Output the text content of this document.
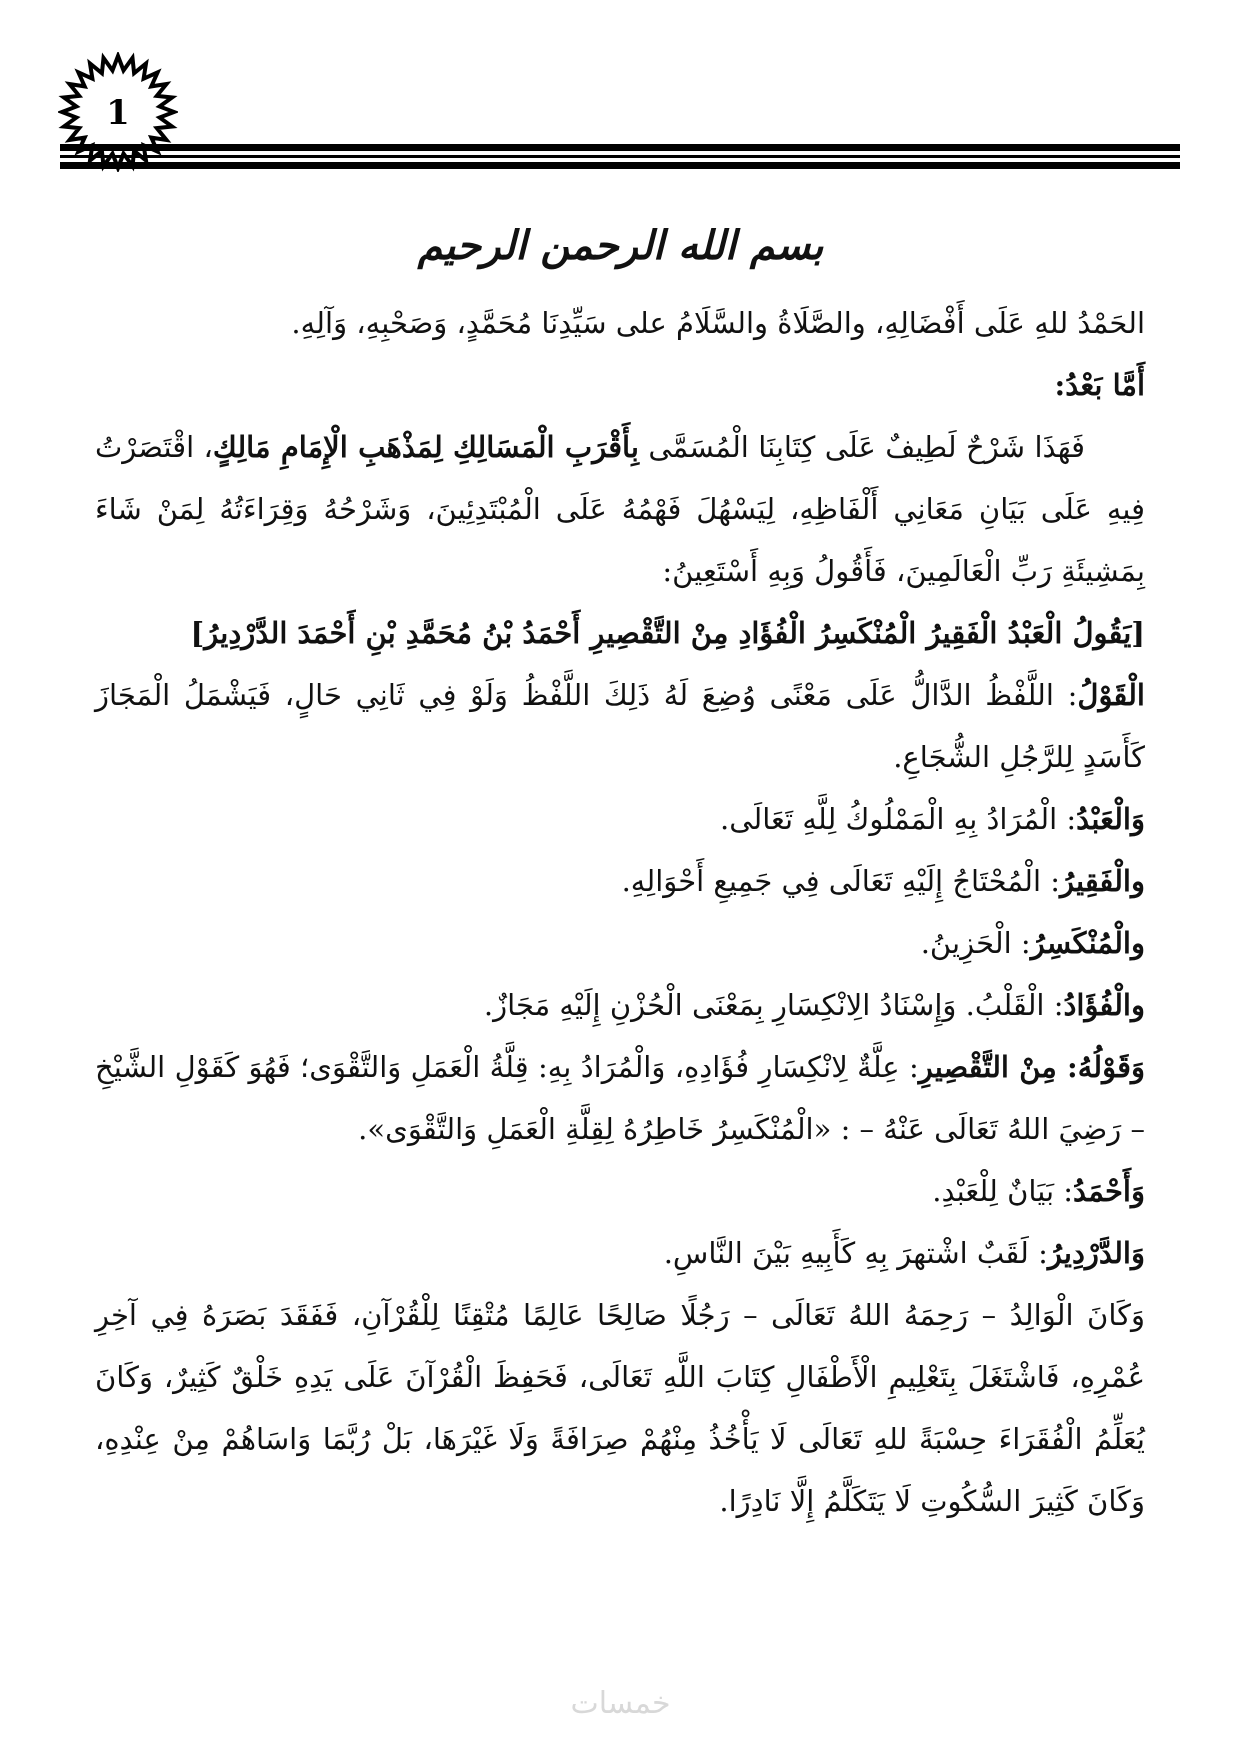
1
بسم الله الرحمن الرحيم

الحَمْدُ للهِ عَلَى أَفْضَالِهِ، والصَّلَاةُ والسَّلَامُ على سَيِّدِنَا مُحَمَّدٍ، وَصَحْبِهِ، وَآلِهِ.

أَمَّا بَعْدُ:

فَهَذَا شَرْحٌ لَطِيفٌ عَلَى كِتَابِنَا الْمُسَمَّى بِأَقْرَبِ الْمَسَالِكِ لِمَذْهَبِ الْإِمَامِ مَالِكٍ، اقْتَصَرْتُ فِيهِ عَلَى بَيَانِ مَعَانِي أَلْفَاظِهِ، لِيَسْهُلَ فَهْمُهُ عَلَى الْمُبْتَدِئِينَ، وَشَرْحُهُ وَقِرَاءَتُهُ لِمَنْ شَاءَ بِمَشِيئَةِ رَبِّ الْعَالَمِينَ، فَأَقُولُ وَبِهِ أَسْتَعِينُ:

[يَقُولُ الْعَبْدُ الْفَقِيرُ الْمُنْكَسِرُ الْفُؤَادِ مِنْ التَّقْصِيرِ أَحْمَدُ بْنُ مُحَمَّدِ بْنِ أَحْمَدَ الدَّرْدِيرُ]

الْقَوْلُ: اللَّفْظُ الدَّالُّ عَلَى مَعْنًى وُضِعَ لَهُ ذَلِكَ اللَّفْظُ وَلَوْ فِي ثَانِي حَالٍ، فَيَشْمَلُ الْمَجَازَ كَأَسَدٍ لِلرَّجُلِ الشُّجَاعِ.

وَالْعَبْدُ: الْمُرَادُ بِهِ الْمَمْلُوكُ لِلَّهِ تَعَالَى.

والْفَقِيرُ: الْمُحْتَاجُ إِلَيْهِ تَعَالَى فِي جَمِيعِ أَحْوَالِهِ.

والْمُنْكَسِرُ: الْحَزِينُ.

والْفُؤَادُ: الْقَلْبُ. وَإِسْنَادُ الِانْكِسَارِ بِمَعْنَى الْحُزْنِ إِلَيْهِ مَجَازٌ.

وَقَوْلُهُ: مِنْ التَّقْصِيرِ: عِلَّةٌ لِانْكِسَارِ فُؤَادِهِ، وَالْمُرَادُ بِهِ: قِلَّةُ الْعَمَلِ وَالتَّقْوَى؛ فَهُوَ كَقَوْلِ الشَّيْخِ – رَضِيَ اللهُ تَعَالَى عَنْهُ – : «الْمُنْكَسِرُ خَاطِرُهُ لِقِلَّةِ الْعَمَلِ وَالتَّقْوَى».

وَأَحْمَدُ: بَيَانٌ لِلْعَبْدِ.

وَالدَّرْدِيرُ: لَقَبٌ اشْتهرَ بِهِ كَأَبِيهِ بَيْنَ النَّاسِ.

وَكَانَ الْوَالِدُ – رَحِمَهُ اللهُ تَعَالَى – رَجُلًا صَالِحًا عَالِمًا مُتْقِنًا لِلْقُرْآنِ، فَفَقَدَ بَصَرَهُ فِي آخِرِ عُمْرِهِ، فَاشْتَغَلَ بِتَعْلِيمِ الْأَطْفَالِ كِتَابَ اللَّهِ تَعَالَى، فَحَفِظَ الْقُرْآنَ عَلَى يَدِهِ خَلْقٌ كَثِيرٌ، وَكَانَ يُعَلِّمُ الْفُقَرَاءَ حِسْبَةً للهِ تَعَالَى لَا يَأْخُذُ مِنْهُمْ صِرَافَةً وَلَا غَيْرَهَا، بَلْ رُبَّمَا وَاسَاهُمْ مِنْ عِنْدِهِ، وَكَانَ كَثِيرَ السُّكُوتِ لَا يَتَكَلَّمُ إِلَّا نَادِرًا.

خمسات
